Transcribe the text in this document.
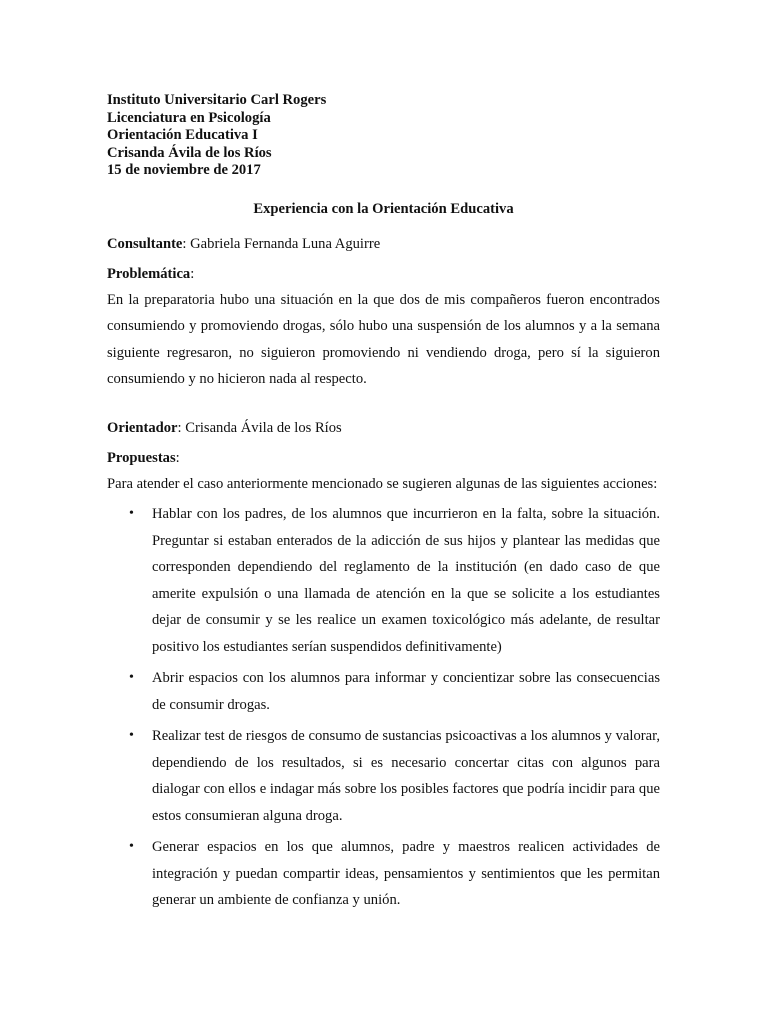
Instituto Universitario Carl Rogers
Licenciatura en Psicología
Orientación Educativa I
Crisanda Ávila de los Ríos
15 de noviembre de 2017
Experiencia con la Orientación Educativa
Consultante: Gabriela Fernanda Luna Aguirre
Problemática:

En la preparatoria hubo una situación en la que dos de mis compañeros fueron encontrados consumiendo y promoviendo drogas, sólo hubo una suspensión de los alumnos y a la semana siguiente regresaron, no siguieron promoviendo ni vendiendo droga, pero sí la siguieron consumiendo y no hicieron nada al respecto.

Orientador: Crisanda Ávila de los Ríos
Propuestas:

Para atender el caso anteriormente mencionado se sugieren algunas de las siguientes acciones:

• Hablar con los padres, de los alumnos que incurrieron en la falta, sobre la situación. Preguntar si estaban enterados de la adicción de sus hijos y plantear las medidas que corresponden dependiendo del reglamento de la institución (en dado caso de que amerite expulsión o una llamada de atención en la que se solicite a los estudiantes dejar de consumir y se les realice un examen toxicológico más adelante, de resultar positivo los estudiantes serían suspendidos definitivamente)
• Abrir espacios con los alumnos para informar y concientizar sobre las consecuencias de consumir drogas.
• Realizar test de riesgos de consumo de sustancias psicoactivas a los alumnos y valorar, dependiendo de los resultados, si es necesario concertar citas con algunos para dialogar con ellos e indagar más sobre los posibles factores que podría incidir para que estos consumieran alguna droga.
• Generar espacios en los que alumnos, padre y maestros realicen actividades de integración y puedan compartir ideas, pensamientos y sentimientos que les permitan generar un ambiente de confianza y unión.
